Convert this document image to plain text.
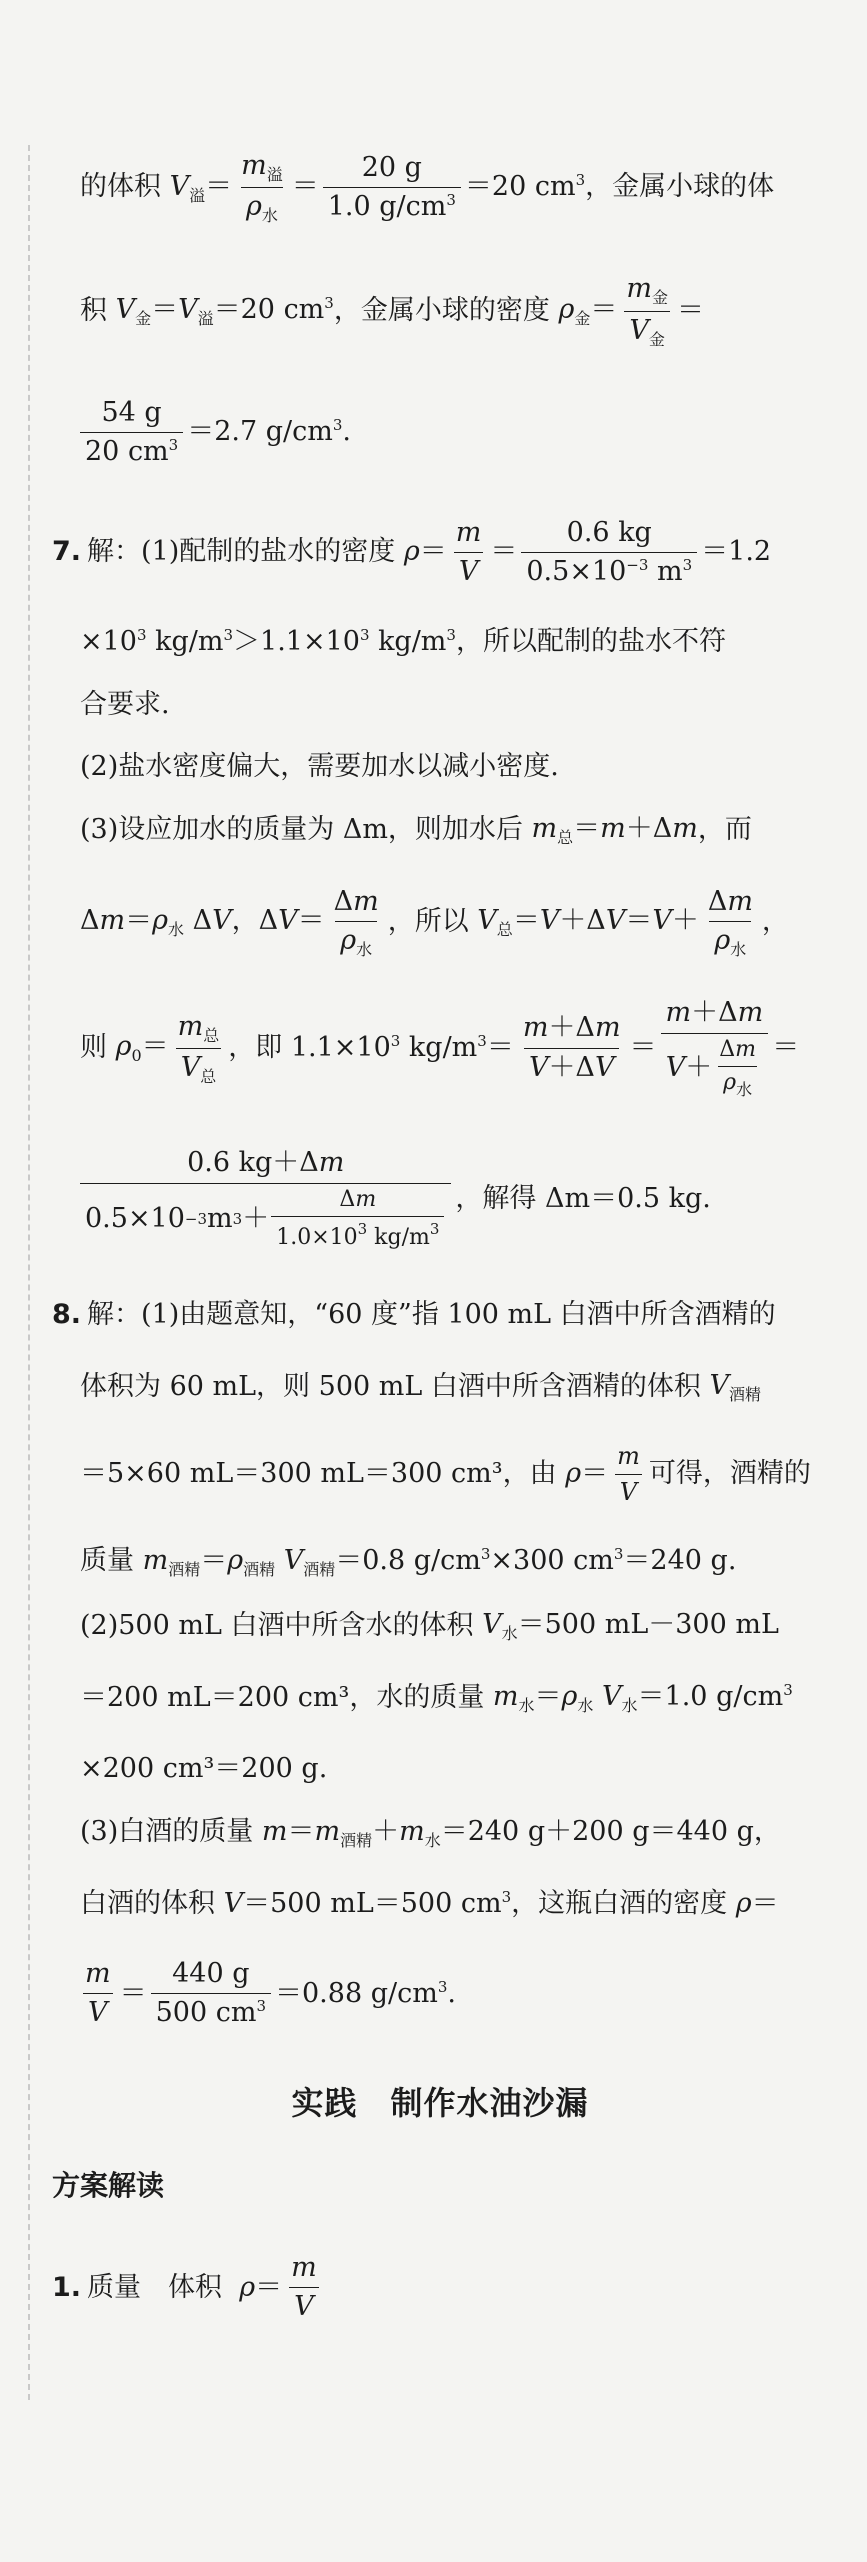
的体积 $V_溢= \frac{m_溢}{\rho_水} = \frac{20 g}{1.0 g/cm^3} =20$ $cm^3$ ，金属小球的体
积 $V_金=V_溢=20$ $cm^3$ ，金属小球的密度 $\rho_金= \frac{m_金}{V_金}$ ＝
$\frac{54 g}{20 cm^3} =2.7$ $g/cm^3$.
7. 解：(1)配制的盐水的密度 $\rho= \frac{m}{V} = \frac{0.6 kg}{0.5\times 10^{-3} m^3} =1.2$
$\times 10^3$ $kg/m^3>1.1\times 10^3$ $kg/m^3$ ，所以配制的盐水不符
合要求.
(2)盐水密度偏大，需要加水以减小密度.
(3)设应加水的质量为 Δm，则加水后 $m_总=m+\Delta m$ ，而
$\Delta m=\rho_水$ ΔV，$\Delta V= \frac{\Delta m}{\rho_水}$ ，所以 $V_总=V+\Delta V=V+ \frac{\Delta m}{\rho_水}$ ，
则 $\rho_0= \frac{m_总}{V_总}$ ，即 $1.1\times 10^3$ $kg/m^3= \frac{m+\Delta m}{V+\Delta V} = \frac{m+\Delta m}{V + \frac{\Delta m}{\rho_水}}$ ＝
$\frac{0.6 kg+\Delta m}{0.5\times 10 -3 m 3 + \frac{\Delta m}{1.0\times 10^3 kg/m^3}}$ ，解得 Δm＝0.5 kg.
8. 解：(1)由题意知，“60 度”指 100 mL 白酒中所含酒精的
体积为 60 mL，则 500 mL 白酒中所含酒精的体积 $V_{酒精}$
＝5×60 mL＝300 mL＝300 cm³，由 $\rho= \frac{m}{V}$ 可得，酒精的
质量 $m_{酒精}=\rho_{酒精}$ $V_{酒精}=0.8$ $g/cm^3\times 300$ $cm^3=240$ g.
(2)500 mL 白酒中所含水的体积 $V_水=500$ mL－300 mL
＝200 mL＝200 cm³，水的质量 $m_水=\rho_水$ $V_水=1.0$ $g/cm^3$
×200 cm³＝200 g.
(3)白酒的质量 $m=m_{酒精}+m_水=240$ g＋200 g＝440 g，
白酒的体积 V＝500 mL＝500 $cm^3$ ，这瓶白酒的密度 ρ＝
$\frac{m}{V} = \frac{440 g}{500 cm^3} =0.88$ $g/cm^3$.
实践　制作水油沙漏
方案解读
1. 质量　体积 $\rho= \frac{m}{V}$
